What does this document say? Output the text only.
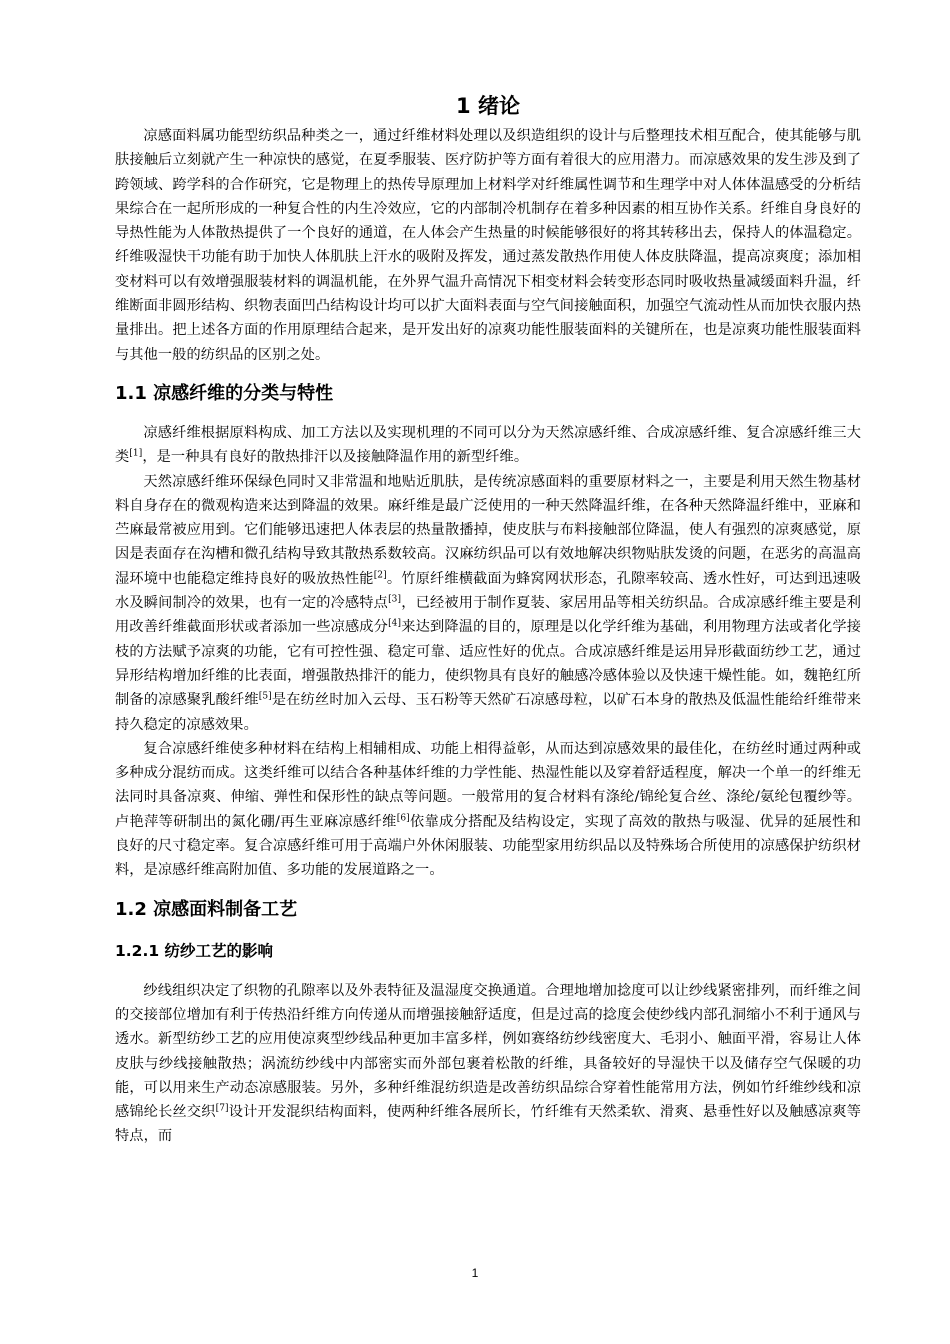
1 绪论

凉感面料属功能型纺织品种类之一，通过纤维材料处理以及织造组织的设计与后整理技术相互配合，使其能够与肌肤接触后立刻就产生一种凉快的感觉，在夏季服装、医疗防护等方面有着很大的应用潜力。而凉感效果的发生涉及到了跨领域、跨学科的合作研究，它是物理上的热传导原理加上材料学对纤维属性调节和生理学中对人体体温感受的分析结果综合在一起所形成的一种复合性的内生冷效应，它的内部制冷机制存在着多种因素的相互协作关系。纤维自身良好的导热性能为人体散热提供了一个良好的通道，在人体会产生热量的时候能够很好的将其转移出去，保持人的体温稳定。纤维吸湿快干功能有助于加快人体肌肤上汗水的吸附及挥发，通过蒸发散热作用使人体皮肤降温，提高凉爽度；添加相变材料可以有效增强服装材料的调温机能，在外界气温升高情况下相变材料会转变形态同时吸收热量减缓面料升温，纤维断面非圆形结构、织物表面凹凸结构设计均可以扩大面料表面与空气间接触面积，加强空气流动性从而加快衣服内热量排出。把上述各方面的作用原理结合起来，是开发出好的凉爽功能性服装面料的关键所在，也是凉爽功能性服装面料与其他一般的纺织品的区别之处。

1.1 凉感纤维的分类与特性

凉感纤维根据原料构成、加工方法以及实现机理的不同可以分为天然凉感纤维、合成凉感纤维、复合凉感纤维三大类[1]，是一种具有良好的散热排汗以及接触降温作用的新型纤维。

天然凉感纤维环保绿色同时又非常温和地贴近肌肤，是传统凉感面料的重要原材料之一，主要是利用天然生物基材料自身存在的微观构造来达到降温的效果。麻纤维是最广泛使用的一种天然降温纤维，在各种天然降温纤维中，亚麻和苎麻最常被应用到。它们能够迅速把人体表层的热量散播掉，使皮肤与布料接触部位降温，使人有强烈的凉爽感觉，原因是表面存在沟槽和微孔结构导致其散热系数较高。汉麻纺织品可以有效地解决织物贴肤发烫的问题，在恶劣的高温高湿环境中也能稳定维持良好的吸放热性能[2]。竹原纤维横截面为蜂窝网状形态，孔隙率较高、透水性好，可达到迅速吸水及瞬间制冷的效果，也有一定的冷感特点[3]，已经被用于制作夏装、家居用品等相关纺织品。合成凉感纤维主要是利用改善纤维截面形状或者添加一些凉感成分[4]来达到降温的目的，原理是以化学纤维为基础，利用物理方法或者化学接枝的方法赋予凉爽的功能，它有可控性强、稳定可靠、适应性好的优点。合成凉感纤维是运用异形截面纺纱工艺，通过异形结构增加纤维的比表面，增强散热排汗的能力，使织物具有良好的触感冷感体验以及快速干燥性能。如，魏艳红所制备的凉感聚乳酸纤维[5]是在纺丝时加入云母、玉石粉等天然矿石凉感母粒，以矿石本身的散热及低温性能给纤维带来持久稳定的凉感效果。

复合凉感纤维使多种材料在结构上相辅相成、功能上相得益彰，从而达到凉感效果的最佳化，在纺丝时通过两种或多种成分混纺而成。这类纤维可以结合各种基体纤维的力学性能、热湿性能以及穿着舒适程度，解决一个单一的纤维无法同时具备凉爽、伸缩、弹性和保形性的缺点等问题。一般常用的复合材料有涤纶/锦纶复合丝、涤纶/氨纶包覆纱等。卢艳萍等研制出的氮化硼/再生亚麻凉感纤维[6]依靠成分搭配及结构设定，实现了高效的散热与吸湿、优异的延展性和良好的尺寸稳定率。复合凉感纤维可用于高端户外休闲服装、功能型家用纺织品以及特殊场合所使用的凉感保护纺织材料，是凉感纤维高附加值、多功能的发展道路之一。

1.2 凉感面料制备工艺
1.2.1 纺纱工艺的影响

纱线组织决定了织物的孔隙率以及外表特征及温湿度交换通道。合理地增加捻度可以让纱线紧密排列，而纤维之间的交接部位增加有利于传热沿纤维方向传递从而增强接触舒适度，但是过高的捻度会使纱线内部孔洞缩小不利于通风与透水。新型纺纱工艺的应用使凉爽型纱线品种更加丰富多样，例如赛络纺纱线密度大、毛羽小、触面平滑，容易让人体皮肤与纱线接触散热；涡流纺纱线中内部密实而外部包裹着松散的纤维，具备较好的导湿快干以及储存空气保暖的功能，可以用来生产动态凉感服装。另外，多种纤维混纺织造是改善纺织品综合穿着性能常用方法，例如竹纤维纱线和凉感锦纶长丝交织[7]设计开发混织结构面料，使两种纤维各展所长，竹纤维有天然柔软、滑爽、悬垂性好以及触感凉爽等特点，而

1
